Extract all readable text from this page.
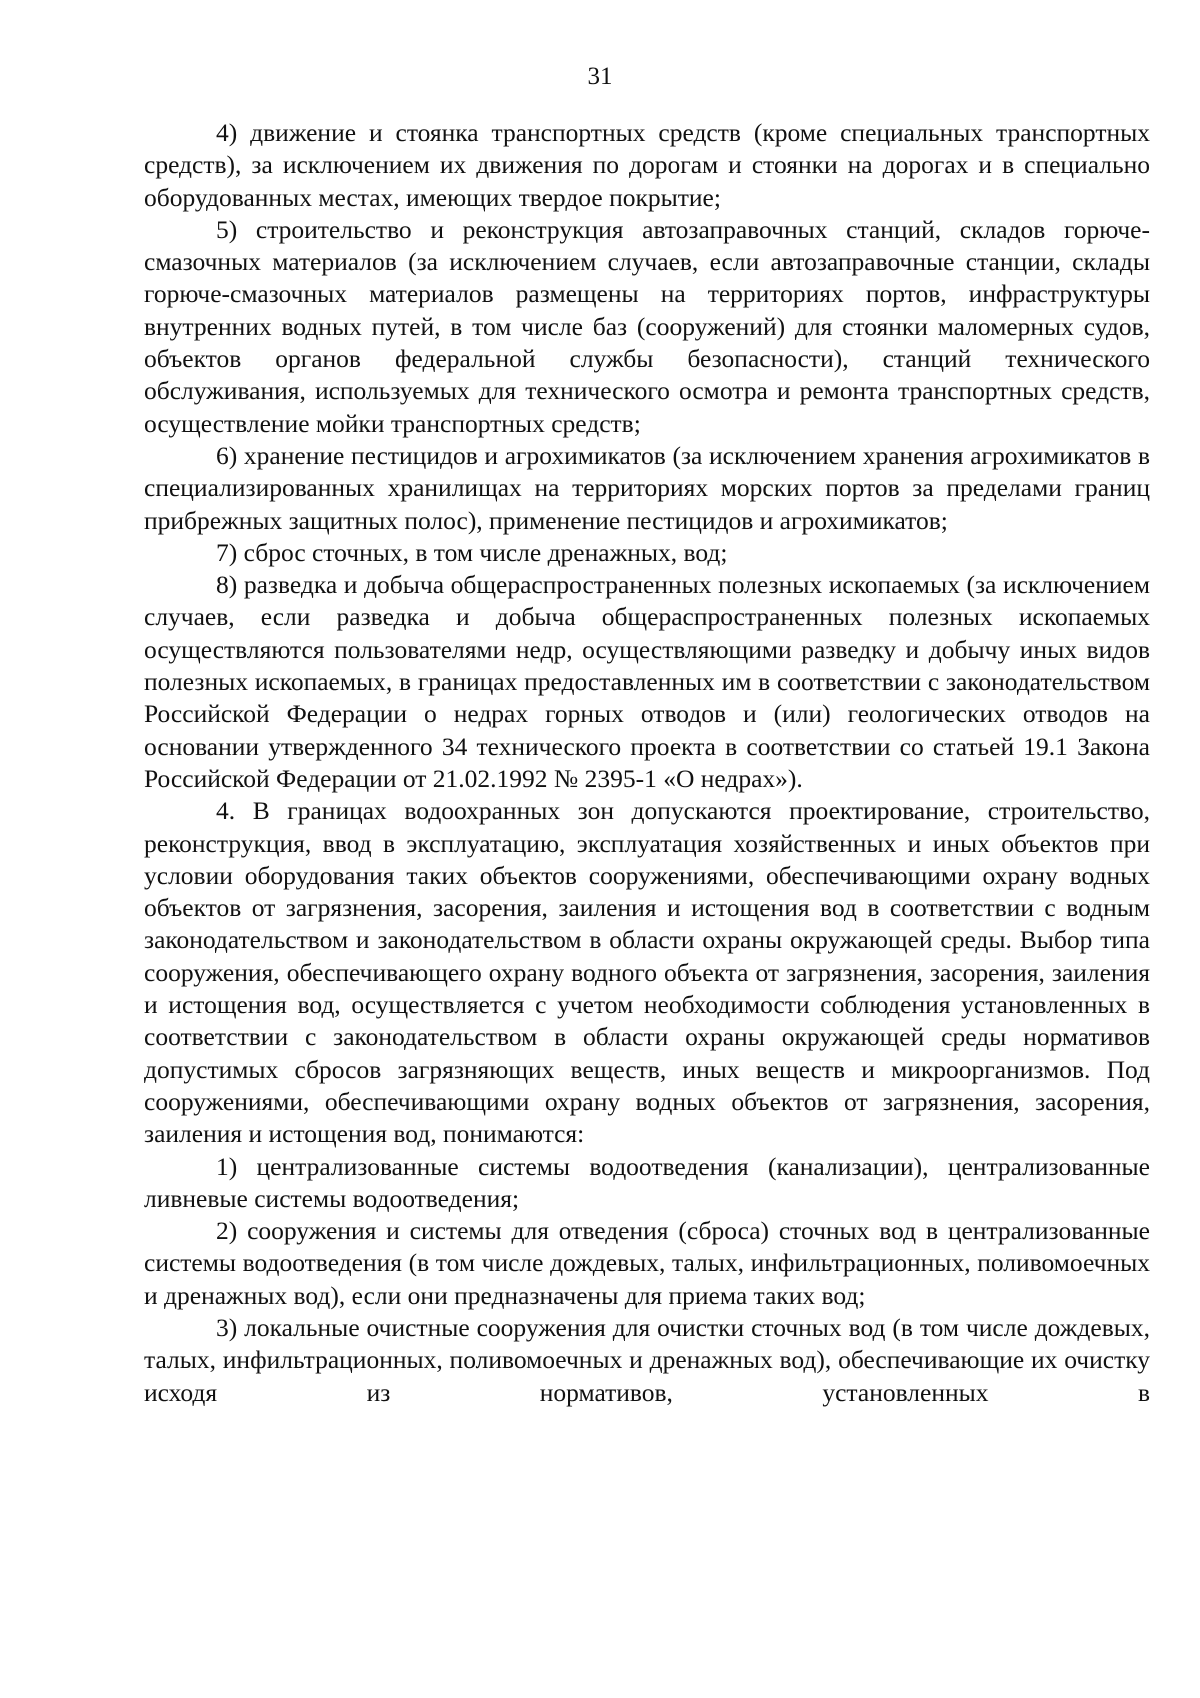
31

4) движение и стоянка транспортных средств (кроме специальных транспортных средств), за исключением их движения по дорогам и стоянки на дорогах и в специально оборудованных местах, имеющих твердое покрытие;

5) строительство и реконструкция автозаправочных станций, складов горюче-смазочных материалов (за исключением случаев, если автозаправочные станции, склады горюче-смазочных материалов размещены на территориях портов, инфраструктуры внутренних водных путей, в том числе баз (сооружений) для стоянки маломерных судов, объектов органов федеральной службы безопасности), станций технического обслуживания, используемых для технического осмотра и ремонта транспортных средств, осуществление мойки транспортных средств;

6) хранение пестицидов и агрохимикатов (за исключением хранения агрохимикатов в специализированных хранилищах на территориях морских портов за пределами границ прибрежных защитных полос), применение пестицидов и агрохимикатов;

7) сброс сточных, в том числе дренажных, вод;

8) разведка и добыча общераспространенных полезных ископаемых (за исключением случаев, если разведка и добыча общераспространенных полезных ископаемых осуществляются пользователями недр, осуществляющими разведку и добычу иных видов полезных ископаемых, в границах предоставленных им в соответствии с законодательством Российской Федерации о недрах горных отводов и (или) геологических отводов на основании утвержденного 34 технического проекта в соответствии со статьей 19.1 Закона Российской Федерации от 21.02.1992 № 2395-1 «О недрах»).

4. В границах водоохранных зон допускаются проектирование, строительство, реконструкция, ввод в эксплуатацию, эксплуатация хозяйственных и иных объектов при условии оборудования таких объектов сооружениями, обеспечивающими охрану водных объектов от загрязнения, засорения, заиления и истощения вод в соответствии с водным законодательством и законодательством в области охраны окружающей среды. Выбор типа сооружения, обеспечивающего охрану водного объекта от загрязнения, засорения, заиления и истощения вод, осуществляется с учетом необходимости соблюдения установленных в соответствии с законодательством в области охраны окружающей среды нормативов допустимых сбросов загрязняющих веществ, иных веществ и микроорганизмов. Под сооружениями, обеспечивающими охрану водных объектов от загрязнения, засорения, заиления и истощения вод, понимаются:

1) централизованные системы водоотведения (канализации), централизованные ливневые системы водоотведения;

2) сооружения и системы для отведения (сброса) сточных вод в централизованные системы водоотведения (в том числе дождевых, талых, инфильтрационных, поливомоечных и дренажных вод), если они предназначены для приема таких вод;

3) локальные очистные сооружения для очистки сточных вод (в том числе дождевых, талых, инфильтрационных, поливомоечных и дренажных вод), обеспечивающие их очистку исходя из нормативов, установленных в
